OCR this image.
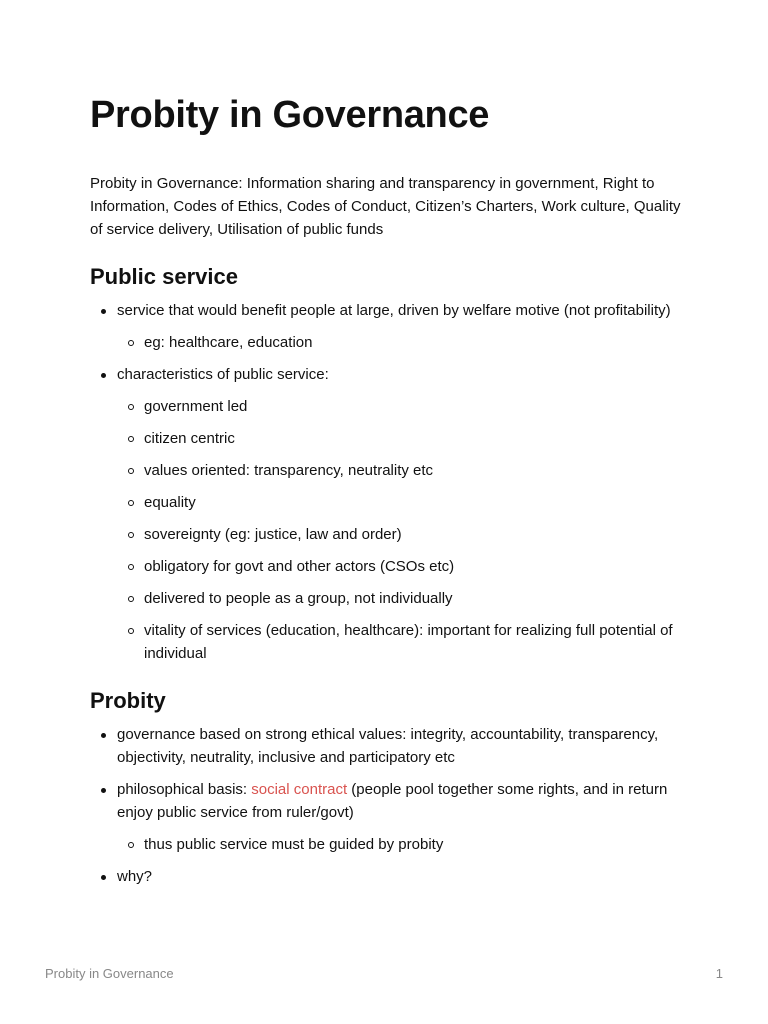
Probity in Governance

Probity in Governance: Information sharing and transparency in government, Right to Information, Codes of Ethics, Codes of Conduct, Citizen’s Charters, Work culture, Quality of service delivery, Utilisation of public funds

Public service
service that would benefit people at large, driven by welfare motive (not profitability)
eg: healthcare, education
characteristics of public service:
government led
citizen centric
values oriented: transparency, neutrality etc
equality
sovereignty (eg: justice, law and order)
obligatory for govt and other actors (CSOs etc)
delivered to people as a group, not individually
vitality of services (education, healthcare): important for realizing full potential of individual
Probity
governance based on strong ethical values: integrity, accountability, transparency, objectivity, neutrality, inclusive and participatory etc
philosophical basis: social contract (people pool together some rights, and in return enjoy public service from ruler/govt)
thus public service must be guided by probity
why?
Probity in Governance	1
